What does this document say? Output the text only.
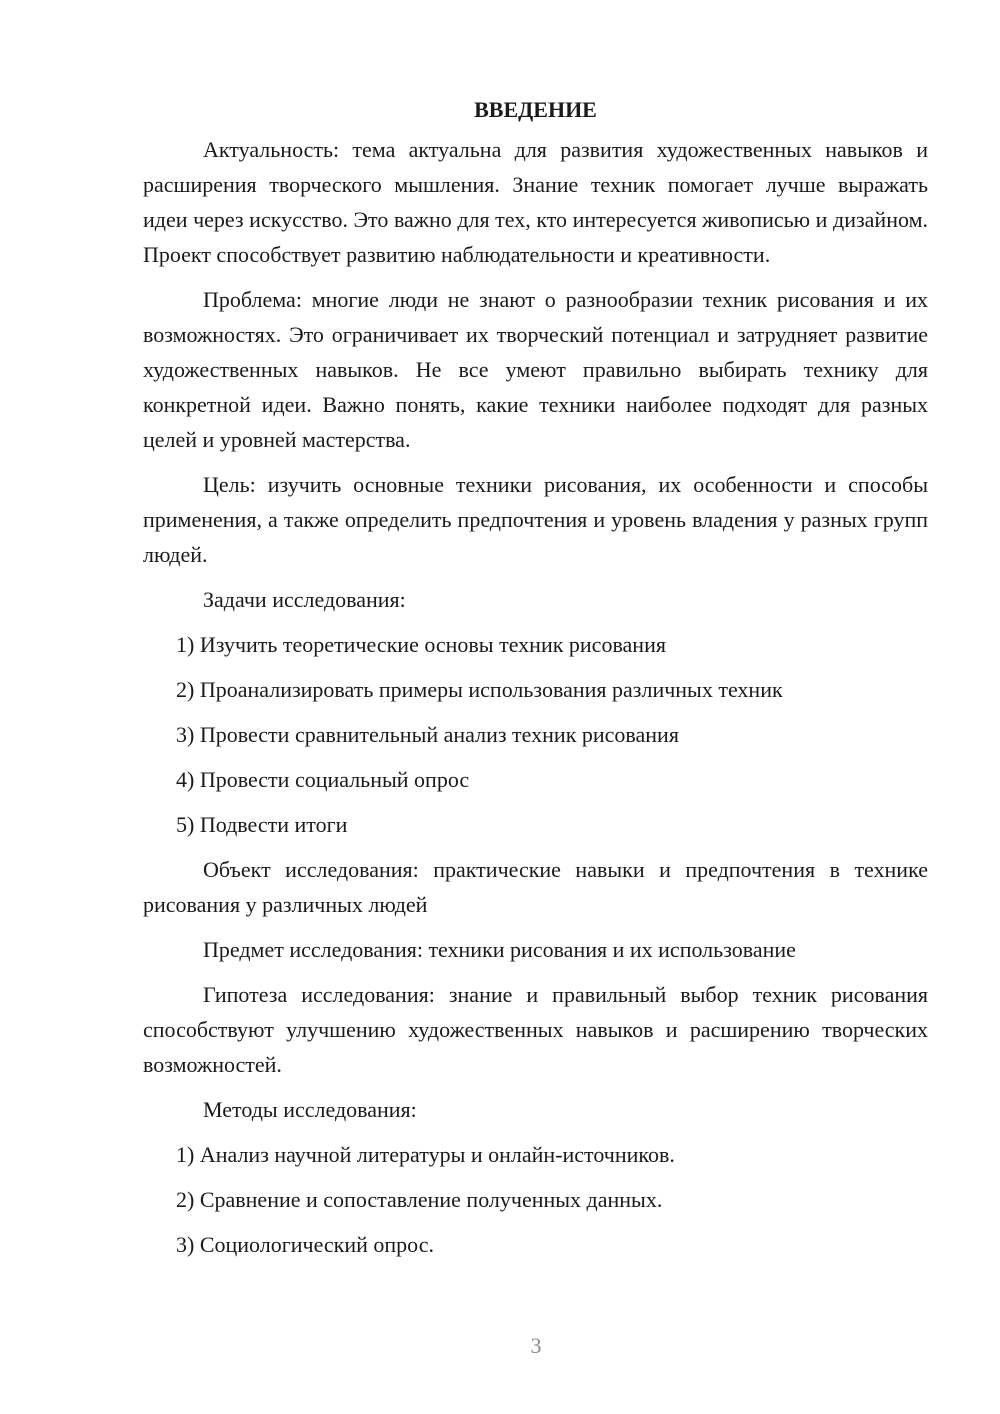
ВВЕДЕНИЕ

Актуальность: тема актуальна для развития художественных навыков и расширения творческого мышления. Знание техник помогает лучше выражать идеи через искусство. Это важно для тех, кто интересуется живописью и дизайном. Проект способствует развитию наблюдательности и креативности.

Проблема: многие люди не знают о разнообразии техник рисования и их возможностях. Это ограничивает их творческий потенциал и затрудняет развитие художественных навыков. Не все умеют правильно выбирать технику для конкретной идеи. Важно понять, какие техники наиболее подходят для разных целей и уровней мастерства.

Цель: изучить основные техники рисования, их особенности и способы применения, а также определить предпочтения и уровень владения у разных групп людей.

Задачи исследования:

1) Изучить теоретические основы техник рисования
2) Проанализировать примеры использования различных техник
3) Провести сравнительный анализ техник рисования
4) Провести социальный опрос
5) Подвести итоги

Объект исследования: практические навыки и предпочтения в технике рисования у различных людей

Предмет исследования: техники рисования и их использование

Гипотеза исследования: знание и правильный выбор техник рисования способствуют улучшению художественных навыков и расширению творческих возможностей.

Методы исследования:

1) Анализ научной литературы и онлайн-источников.
2) Сравнение и сопоставление полученных данных.
3) Социологический опрос.
3
